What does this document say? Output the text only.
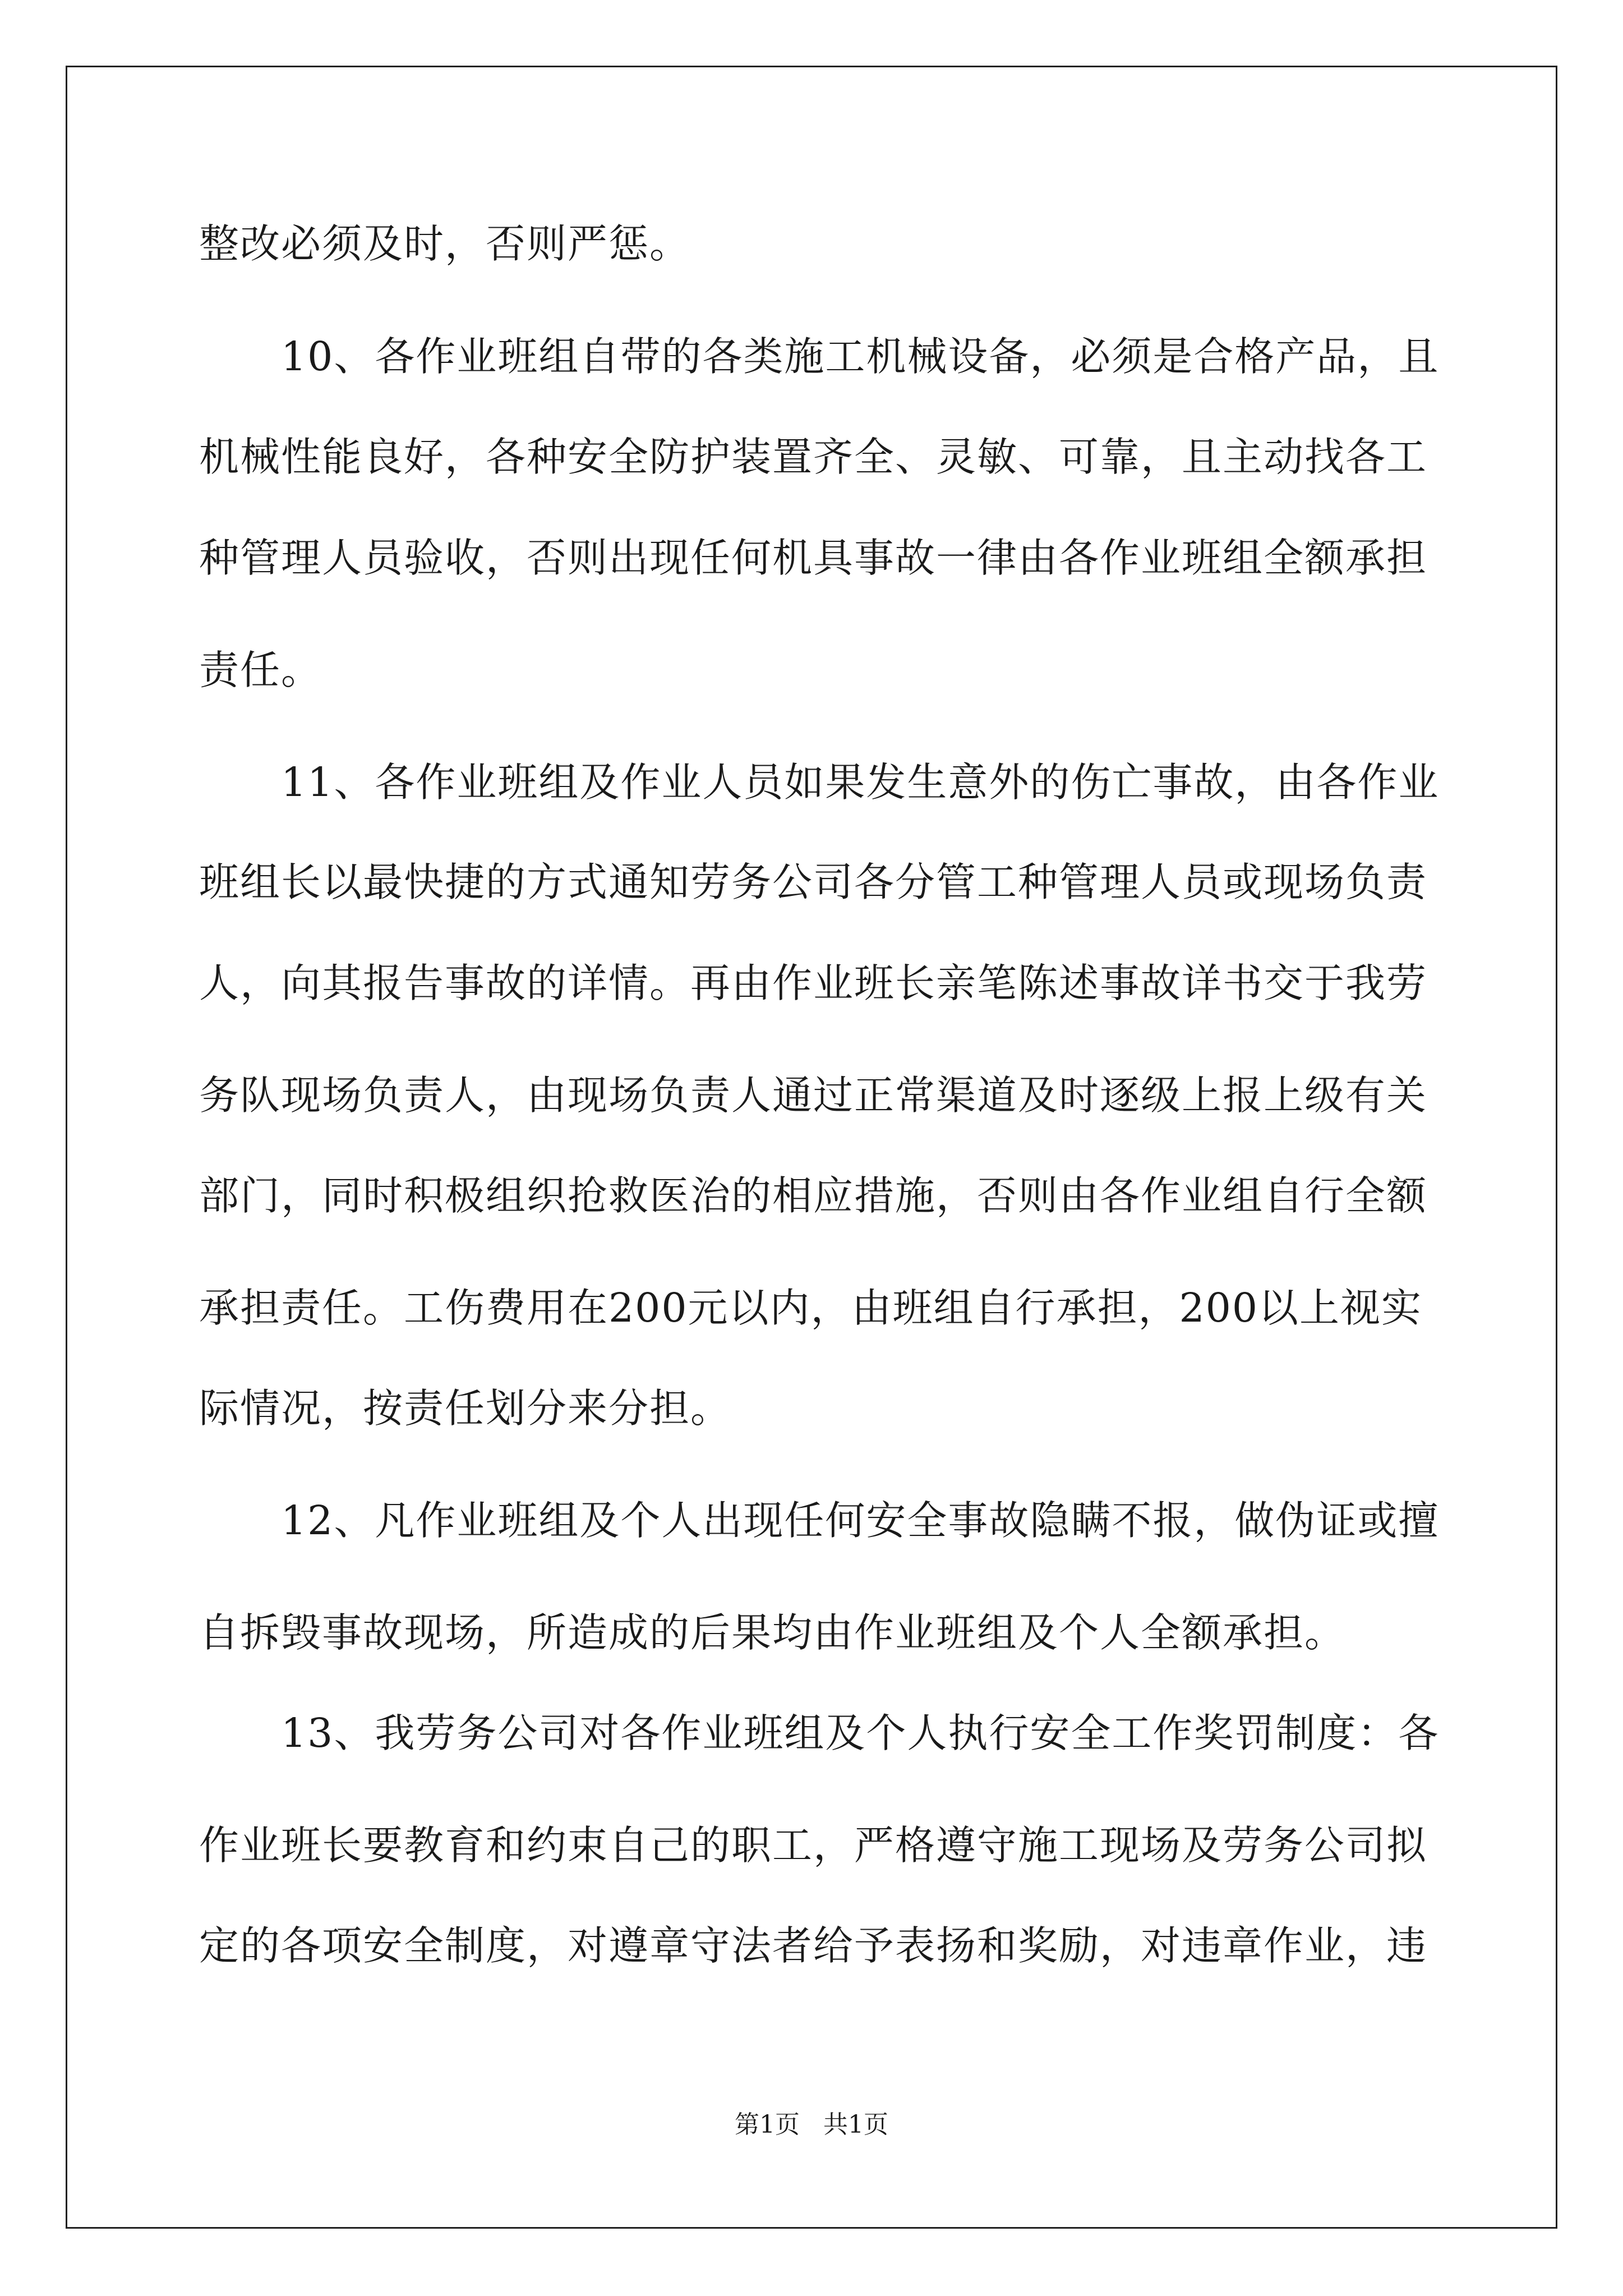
整改必须及时，否则严惩。

　　10、各作业班组自带的各类施工机械设备，必须是合格产品，且

机械性能良好，各种安全防护装置齐全、灵敏、可靠，且主动找各工

种管理人员验收，否则出现任何机具事故一律由各作业班组全额承担

责任。

　　11、各作业班组及作业人员如果发生意外的伤亡事故，由各作业

班组长以最快捷的方式通知劳务公司各分管工种管理人员或现场负责

人，向其报告事故的详情。再由作业班长亲笔陈述事故详书交于我劳

务队现场负责人，由现场负责人通过正常渠道及时逐级上报上级有关

部门，同时积极组织抢救医治的相应措施，否则由各作业组自行全额

承担责任。工伤费用在200元以内，由班组自行承担，200以上视实

际情况，按责任划分来分担。

　　12、凡作业班组及个人出现任何安全事故隐瞒不报，做伪证或擅

自拆毁事故现场，所造成的后果均由作业班组及个人全额承担。

　　13、我劳务公司对各作业班组及个人执行安全工作奖罚制度：各

作业班长要教育和约束自己的职工，严格遵守施工现场及劳务公司拟

定的各项安全制度，对遵章守法者给予表扬和奖励，对违章作业，违

第1页   共1页
